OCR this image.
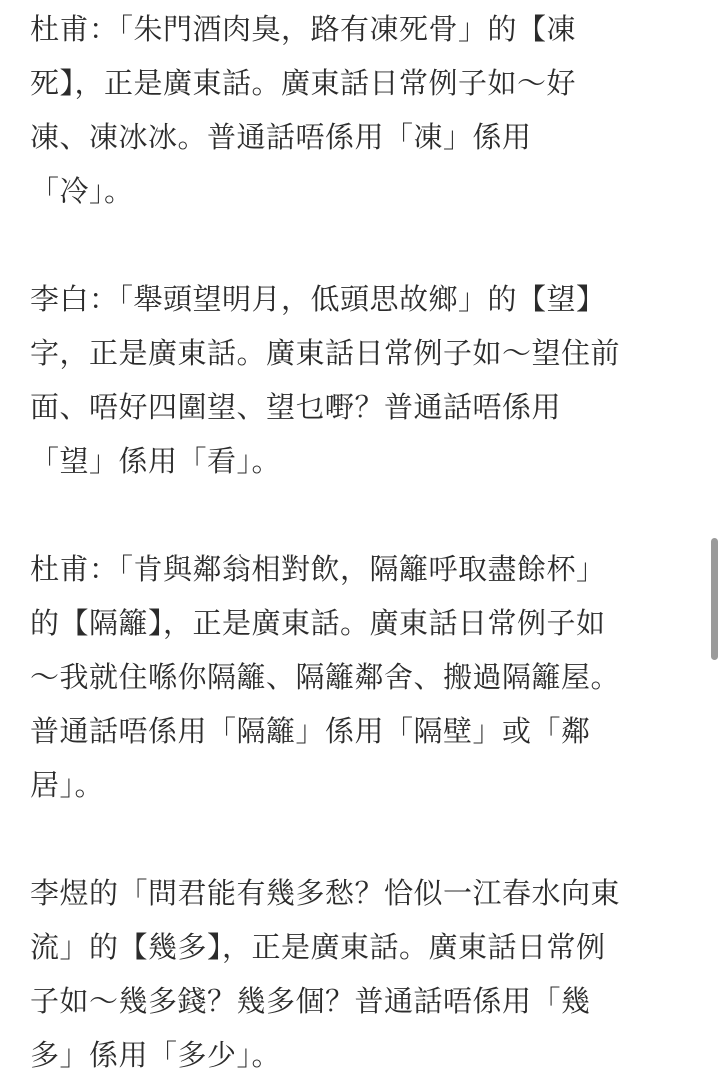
杜甫：「朱門酒肉臭，路有凍死骨」的【凍
死】，正是廣東話。廣東話日常例子如～好
凍、凍冰冰。普通話唔係用「凍」係用
「冷」。

李白：「舉頭望明月，低頭思故鄉」的【望】
字，正是廣東話。廣東話日常例子如～望住前
面、唔好四圍望、望乜嘢？普通話唔係用
「望」係用「看」。

杜甫：「肯與鄰翁相對飲，隔籬呼取盡餘杯」
的【隔籬】，正是廣東話。廣東話日常例子如
～我就住喺你隔籬、隔籬鄰舍、搬過隔籬屋。
普通話唔係用「隔籬」係用「隔壁」或「鄰
居」。

李煜的「問君能有幾多愁？恰似一江春水向東
流」的【幾多】，正是廣東話。廣東話日常例
子如～幾多錢？幾多個？普通話唔係用「幾
多」係用「多少」。
